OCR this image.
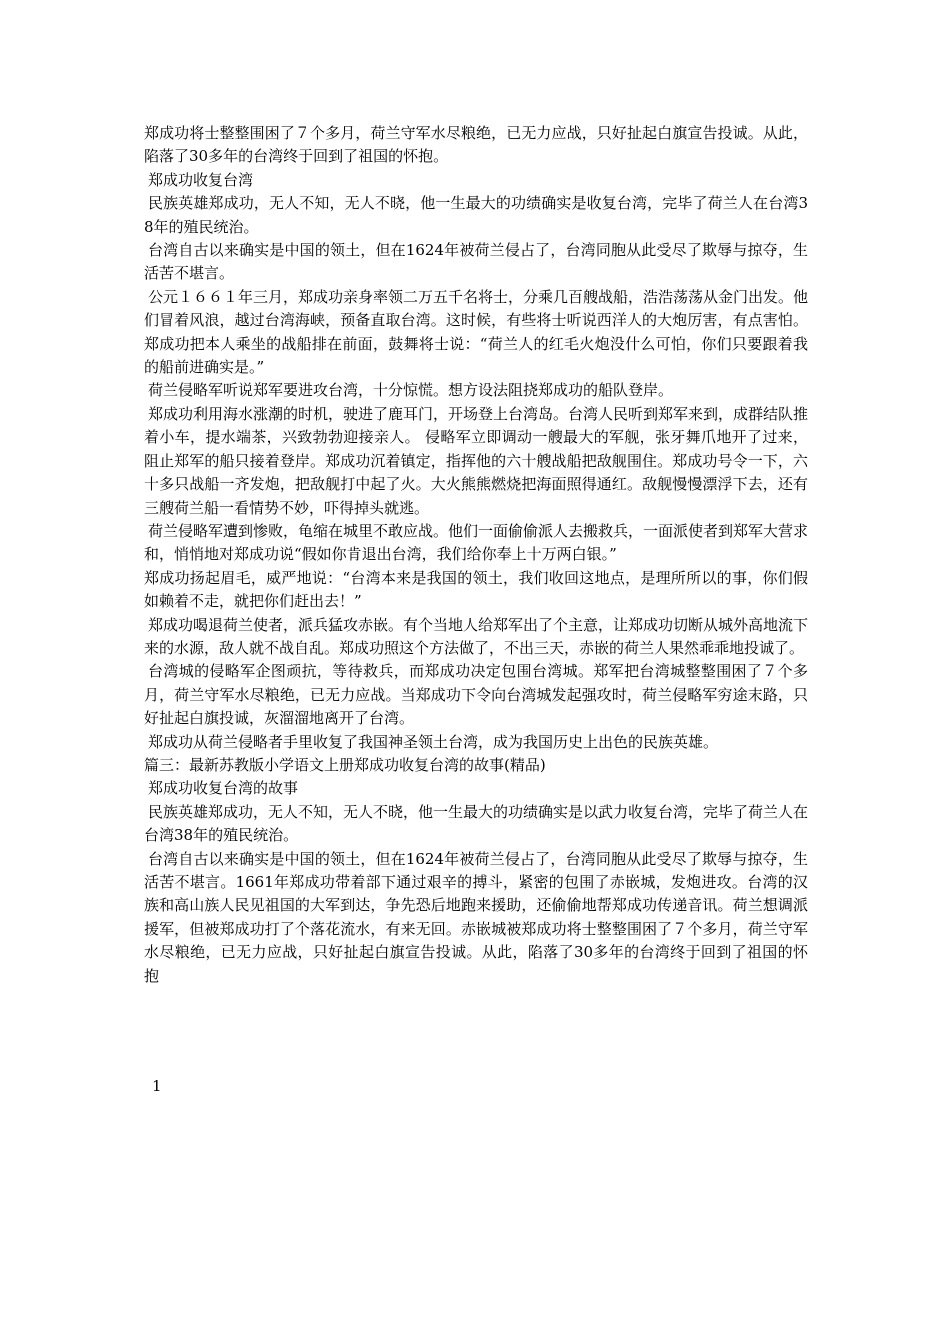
郑成功将士整整围困了７个多月，荷兰守军水尽粮绝，已无力应战，只好扯起白旗宣告投诚。从此，陷落了30多年的台湾终于回到了祖国的怀抱。

郑成功收复台湾

民族英雄郑成功，无人不知，无人不晓，他一生最大的功绩确实是收复台湾，完毕了荷兰人在台湾38年的殖民统治。

台湾自古以来确实是中国的领土，但在1624年被荷兰侵占了，台湾同胞从此受尽了欺辱与掠夺，生活苦不堪言。

公元１６６１年三月，郑成功亲身率领二万五千名将士，分乘几百艘战船，浩浩荡荡从金门出发。他们冒着风浪，越过台湾海峡，预备直取台湾。这时候，有些将士听说西洋人的大炮厉害，有点害怕。郑成功把本人乘坐的战船排在前面，鼓舞将士说：“荷兰人的红毛火炮没什么可怕，你们只要跟着我的船前进确实是。”

荷兰侵略军听说郑军要进攻台湾，十分惊慌。想方设法阻挠郑成功的船队登岸。

郑成功利用海水涨潮的时机，驶进了鹿耳门，开场登上台湾岛。台湾人民听到郑军来到，成群结队推着小车，提水端茶，兴致勃勃迎接亲人。 侵略军立即调动一艘最大的军舰，张牙舞爪地开了过来，阻止郑军的船只接着登岸。郑成功沉着镇定，指挥他的六十艘战船把敌舰围住。郑成功号令一下，六十多只战船一齐发炮，把敌舰打中起了火。大火熊熊燃烧把海面照得通红。敌舰慢慢漂浮下去，还有三艘荷兰船一看情势不妙，吓得掉头就逃。

荷兰侵略军遭到惨败，龟缩在城里不敢应战。他们一面偷偷派人去搬救兵，一面派使者到郑军大营求和，悄悄地对郑成功说“假如你肯退出台湾，我们给你奉上十万两白银。”

郑成功扬起眉毛，威严地说：“台湾本来是我国的领土，我们收回这地点，是理所所以的事，你们假如赖着不走，就把你们赶出去！”

郑成功喝退荷兰使者，派兵猛攻赤嵌。有个当地人给郑军出了个主意，让郑成功切断从城外高地流下来的水源，敌人就不战自乱。郑成功照这个方法做了，不出三天，赤嵌的荷兰人果然乖乖地投诚了。

台湾城的侵略军企图顽抗，等待救兵，而郑成功决定包围台湾城。郑军把台湾城整整围困了７个多月，荷兰守军水尽粮绝，已无力应战。当郑成功下令向台湾城发起强攻时，荷兰侵略军穷途末路，只好扯起白旗投诚，灰溜溜地离开了台湾。

郑成功从荷兰侵略者手里收复了我国神圣领土台湾，成为我国历史上出色的民族英雄。

篇三：最新苏教版小学语文上册郑成功收复台湾的故事(精品)

郑成功收复台湾的故事

民族英雄郑成功，无人不知，无人不晓，他一生最大的功绩确实是以武力收复台湾，完毕了荷兰人在台湾38年的殖民统治。

台湾自古以来确实是中国的领土，但在1624年被荷兰侵占了，台湾同胞从此受尽了欺辱与掠夺，生活苦不堪言。1661年郑成功带着部下通过艰辛的搏斗，紧密的包围了赤嵌城，发炮进攻。台湾的汉族和高山族人民见祖国的大军到达，争先恐后地跑来援助，还偷偷地帮郑成功传递音讯。荷兰想调派援军，但被郑成功打了个落花流水，有来无回。赤嵌城被郑成功将士整整围困了７个多月，荷兰守军水尽粮绝，已无力应战，只好扯起白旗宣告投诚。从此，陷落了30多年的台湾终于回到了祖国的怀抱

1
